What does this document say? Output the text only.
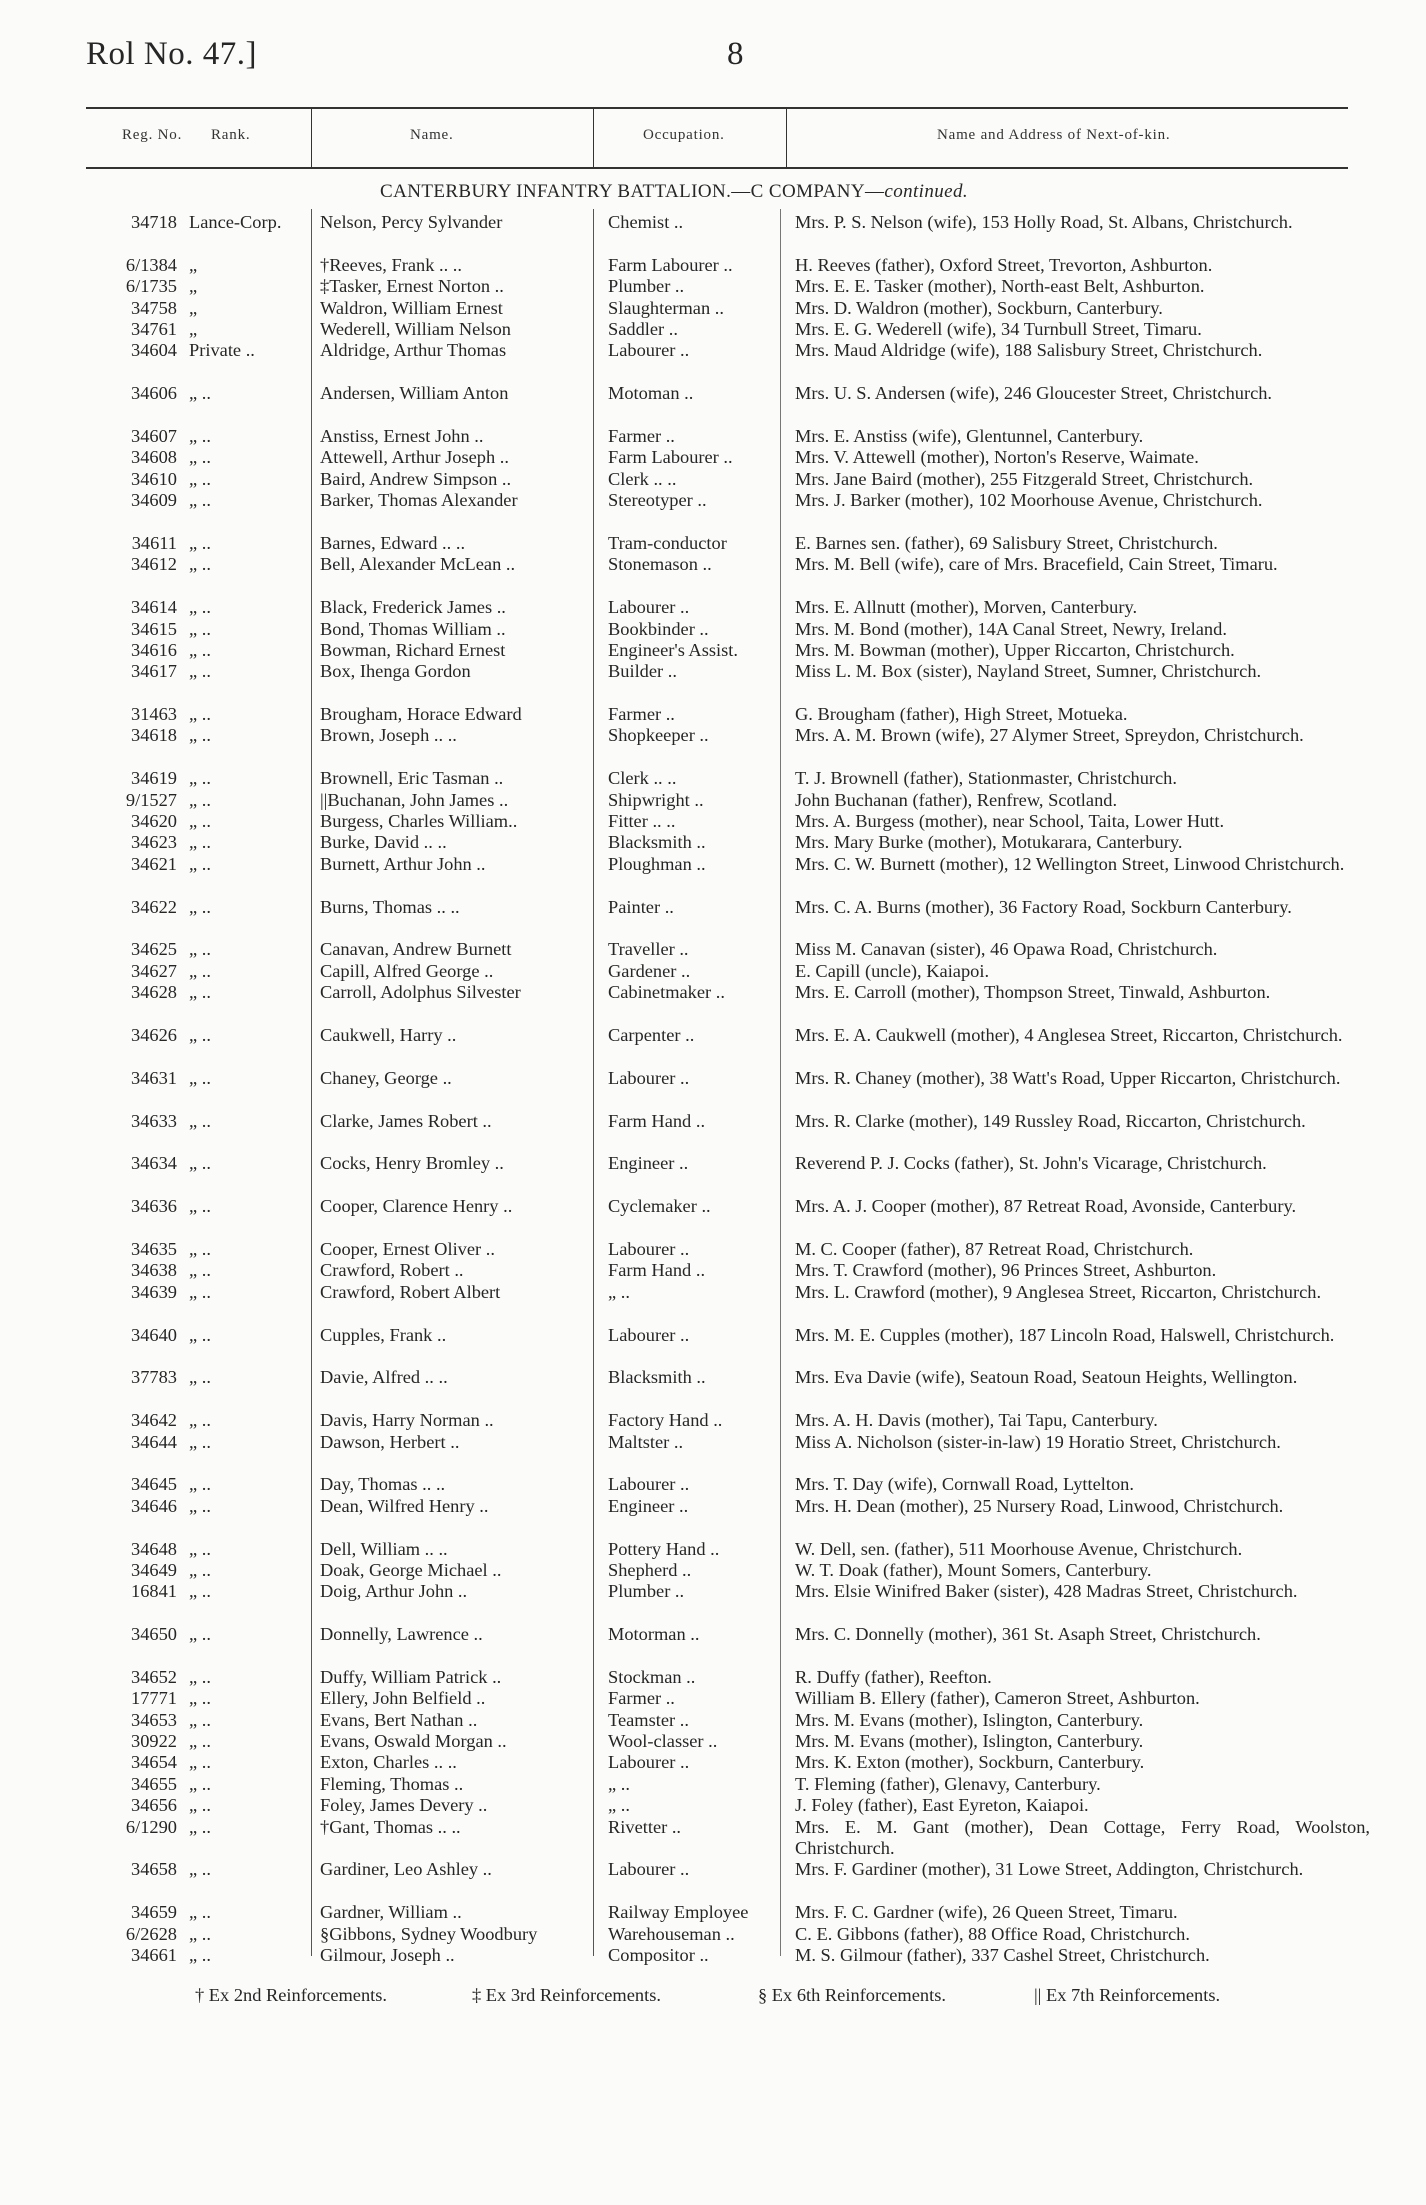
Rol No. 47.]	8
Reg. No. Rank.	Name.	Occupation.	Name and Address of Next-of-kin.
CANTERBURY INFANTRY BATTALION.—C COMPANY—continued.
34718 Lance-Corp.	Nelson, Percy Sylvander	Chemist ..	Mrs. P. S. Nelson (wife), 153 Holly Road, St. Albans, Christchurch.
6/1384 „	†Reeves, Frank .. ..	Farm Labourer ..	H. Reeves (father), Oxford Street, Trevorton, Ashburton.
6/1735 „	‡Tasker, Ernest Norton ..	Plumber ..	Mrs. E. E. Tasker (mother), North-east Belt, Ashburton.
34758 „	Waldron, William Ernest	Slaughterman ..	Mrs. D. Waldron (mother), Sockburn, Canterbury.
34761 „	Wederell, William Nelson	Saddler ..	Mrs. E. G. Wederell (wife), 34 Turnbull Street, Timaru.
34604 Private ..	Aldridge, Arthur Thomas	Labourer ..	Mrs. Maud Aldridge (wife), 188 Salisbury Street, Christchurch.
34606 „ ..	Andersen, William Anton	Motoman ..	Mrs. U. S. Andersen (wife), 246 Gloucester Street, Christchurch.
34607 „ ..	Anstiss, Ernest John ..	Farmer ..	Mrs. E. Anstiss (wife), Glentunnel, Canterbury.
34608 „ ..	Attewell, Arthur Joseph ..	Farm Labourer ..	Mrs. V. Attewell (mother), Norton's Reserve, Waimate.
34610 „ ..	Baird, Andrew Simpson ..	Clerk .. ..	Mrs. Jane Baird (mother), 255 Fitzgerald Street, Christchurch.
34609 „ ..	Barker, Thomas Alexander	Stereotyper ..	Mrs. J. Barker (mother), 102 Moorhouse Avenue, Christchurch.
34611 „ ..	Barnes, Edward .. ..	Tram-conductor	E. Barnes sen. (father), 69 Salisbury Street, Christchurch.
34612 „ ..	Bell, Alexander McLean ..	Stonemason ..	Mrs. M. Bell (wife), care of Mrs. Bracefield, Cain Street, Timaru.
34614 „ ..	Black, Frederick James ..	Labourer ..	Mrs. E. Allnutt (mother), Morven, Canterbury.
34615 „ ..	Bond, Thomas William ..	Bookbinder ..	Mrs. M. Bond (mother), 14A Canal Street, Newry, Ireland.
34616 „ ..	Bowman, Richard Ernest	Engineer's Assist.	Mrs. M. Bowman (mother), Upper Riccarton, Christchurch.
34617 „ ..	Box, Ihenga Gordon	Builder ..	Miss L. M. Box (sister), Nayland Street, Sumner, Christchurch.
31463 „ ..	Brougham, Horace Edward	Farmer ..	G. Brougham (father), High Street, Motueka.
34618 „ ..	Brown, Joseph .. ..	Shopkeeper ..	Mrs. A. M. Brown (wife), 27 Alymer Street, Spreydon, Christchurch.
34619 „ ..	Brownell, Eric Tasman ..	Clerk .. ..	T. J. Brownell (father), Stationmaster, Christchurch.
9/1527 „ ..	||Buchanan, John James ..	Shipwright ..	John Buchanan (father), Renfrew, Scotland.
34620 „ ..	Burgess, Charles William..	Fitter .. ..	Mrs. A. Burgess (mother), near School, Taita, Lower Hutt.
34623 „ ..	Burke, David .. ..	Blacksmith ..	Mrs. Mary Burke (mother), Motukarara, Canterbury.
34621 „ ..	Burnett, Arthur John ..	Ploughman ..	Mrs. C. W. Burnett (mother), 12 Wellington Street, Linwood Christchurch.
34622 „ ..	Burns, Thomas .. ..	Painter ..	Mrs. C. A. Burns (mother), 36 Factory Road, Sockburn Canterbury.
34625 „ ..	Canavan, Andrew Burnett	Traveller ..	Miss M. Canavan (sister), 46 Opawa Road, Christchurch.
34627 „ ..	Capill, Alfred George ..	Gardener ..	E. Capill (uncle), Kaiapoi.
34628 „ ..	Carroll, Adolphus Silvester	Cabinetmaker ..	Mrs. E. Carroll (mother), Thompson Street, Tinwald, Ashburton.
34626 „ ..	Caukwell, Harry ..	Carpenter ..	Mrs. E. A. Caukwell (mother), 4 Anglesea Street, Riccarton, Christchurch.
34631 „ ..	Chaney, George ..	Labourer ..	Mrs. R. Chaney (mother), 38 Watt's Road, Upper Riccarton, Christchurch.
34633 „ ..	Clarke, James Robert ..	Farm Hand ..	Mrs. R. Clarke (mother), 149 Russley Road, Riccarton, Christchurch.
34634 „ ..	Cocks, Henry Bromley ..	Engineer ..	Reverend P. J. Cocks (father), St. John's Vicarage, Christchurch.
34636 „ ..	Cooper, Clarence Henry ..	Cyclemaker ..	Mrs. A. J. Cooper (mother), 87 Retreat Road, Avonside, Canterbury.
34635 „ ..	Cooper, Ernest Oliver ..	Labourer ..	M. C. Cooper (father), 87 Retreat Road, Christchurch.
34638 „ ..	Crawford, Robert ..	Farm Hand ..	Mrs. T. Crawford (mother), 96 Princes Street, Ashburton.
34639 „ ..	Crawford, Robert Albert	„ ..	Mrs. L. Crawford (mother), 9 Anglesea Street, Riccarton, Christchurch.
34640 „ ..	Cupples, Frank ..	Labourer ..	Mrs. M. E. Cupples (mother), 187 Lincoln Road, Halswell, Christchurch.
37783 „ ..	Davie, Alfred .. ..	Blacksmith ..	Mrs. Eva Davie (wife), Seatoun Road, Seatoun Heights, Wellington.
34642 „ ..	Davis, Harry Norman ..	Factory Hand ..	Mrs. A. H. Davis (mother), Tai Tapu, Canterbury.
34644 „ ..	Dawson, Herbert ..	Maltster ..	Miss A. Nicholson (sister-in-law) 19 Horatio Street, Christchurch.
34645 „ ..	Day, Thomas .. ..	Labourer ..	Mrs. T. Day (wife), Cornwall Road, Lyttelton.
34646 „ ..	Dean, Wilfred Henry ..	Engineer ..	Mrs. H. Dean (mother), 25 Nursery Road, Linwood, Christchurch.
34648 „ ..	Dell, William .. ..	Pottery Hand ..	W. Dell, sen. (father), 511 Moorhouse Avenue, Christchurch.
34649 „ ..	Doak, George Michael ..	Shepherd ..	W. T. Doak (father), Mount Somers, Canterbury.
16841 „ ..	Doig, Arthur John ..	Plumber ..	Mrs. Elsie Winifred Baker (sister), 428 Madras Street, Christchurch.
34650 „ ..	Donnelly, Lawrence ..	Motorman ..	Mrs. C. Donnelly (mother), 361 St. Asaph Street, Christchurch.
34652 „ ..	Duffy, William Patrick ..	Stockman ..	R. Duffy (father), Reefton.
17771 „ ..	Ellery, John Belfield ..	Farmer ..	William B. Ellery (father), Cameron Street, Ashburton.
34653 „ ..	Evans, Bert Nathan ..	Teamster ..	Mrs. M. Evans (mother), Islington, Canterbury.
30922 „ ..	Evans, Oswald Morgan ..	Wool-classer ..	Mrs. M. Evans (mother), Islington, Canterbury.
34654 „ ..	Exton, Charles .. ..	Labourer ..	Mrs. K. Exton (mother), Sockburn, Canterbury.
34655 „ ..	Fleming, Thomas ..	„ ..	T. Fleming (father), Glenavy, Canterbury.
34656 „ ..	Foley, James Devery ..	„ ..	J. Foley (father), East Eyreton, Kaiapoi.
6/1290 „ ..	†Gant, Thomas .. ..	Rivetter ..	Mrs. E. M. Gant (mother), Dean Cottage, Ferry Road, Woolston, Christchurch.
34658 „ ..	Gardiner, Leo Ashley ..	Labourer ..	Mrs. F. Gardiner (mother), 31 Lowe Street, Addington, Christchurch.
34659 „ ..	Gardner, William ..	Railway Employee	Mrs. F. C. Gardner (wife), 26 Queen Street, Timaru.
6/2628 „ ..	§Gibbons, Sydney Woodbury	Warehouseman ..	C. E. Gibbons (father), 88 Office Road, Christchurch.
34661 „ ..	Gilmour, Joseph ..	Compositor ..	M. S. Gilmour (father), 337 Cashel Street, Christchurch.
† Ex 2nd Reinforcements.	‡ Ex 3rd Reinforcements.	§ Ex 6th Reinforcements.	|| Ex 7th Reinforcements.
